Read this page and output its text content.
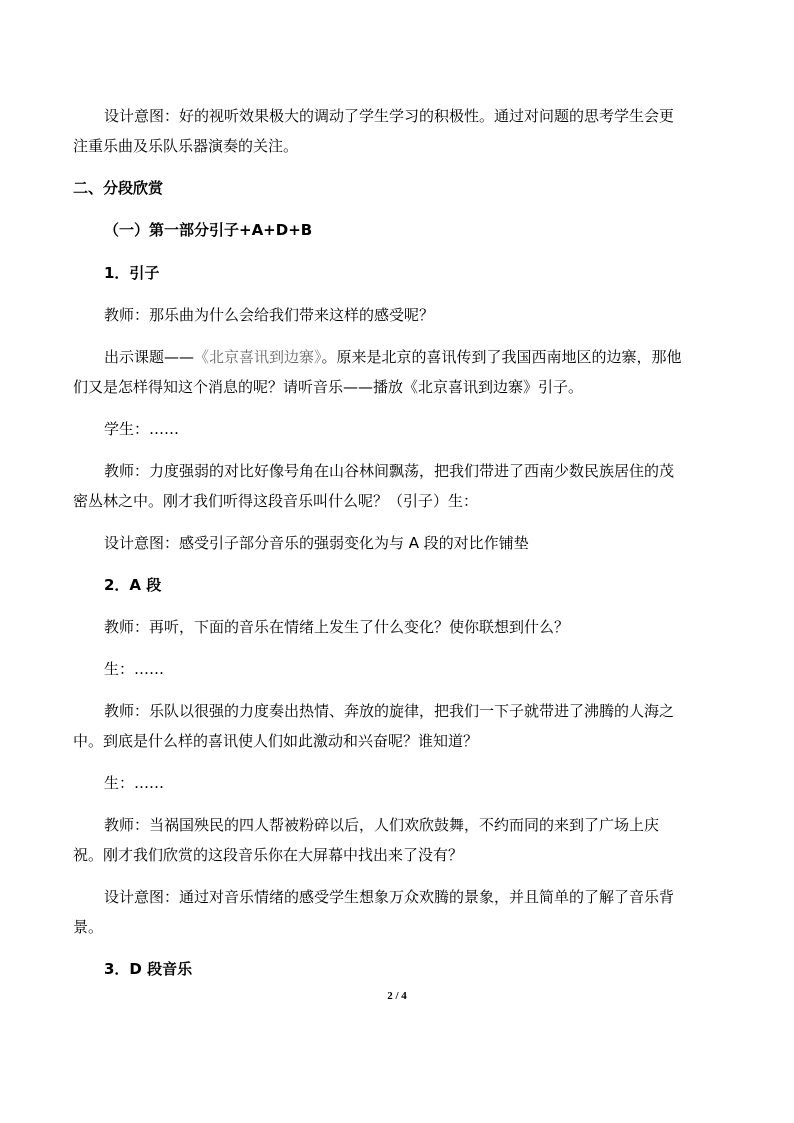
设计意图：好的视听效果极大的调动了学生学习的积极性。通过对问题的思考学生会更

注重乐曲及乐队乐器演奏的关注。

二、分段欣赏

（一）第一部分引子+A+D+B

1．引子

教师：那乐曲为什么会给我们带来这样的感受呢？

出示课题——《北京喜讯到边寨》。原来是北京的喜讯传到了我国西南地区的边寨，那他

们又是怎样得知这个消息的呢？请听音乐——播放《北京喜讯到边寨》引子。

学生：……

教师：力度强弱的对比好像号角在山谷林间飘荡，把我们带进了西南少数民族居住的茂

密丛林之中。刚才我们听得这段音乐叫什么呢？（引子）生：

设计意图：感受引子部分音乐的强弱变化为与 A 段的对比作铺垫

2．A 段

教师：再听，下面的音乐在情绪上发生了什么变化？使你联想到什么？

生：……

教师：乐队以很强的力度奏出热情、奔放的旋律，把我们一下子就带进了沸腾的人海之

中。到底是什么样的喜讯使人们如此激动和兴奋呢？谁知道？

生：……

教师：当祸国殃民的四人帮被粉碎以后，人们欢欣鼓舞，不约而同的来到了广场上庆

祝。刚才我们欣赏的这段音乐你在大屏幕中找出来了没有？

设计意图：通过对音乐情绪的感受学生想象万众欢腾的景象，并且简单的了解了音乐背

景。

3．D 段音乐

2 / 4
